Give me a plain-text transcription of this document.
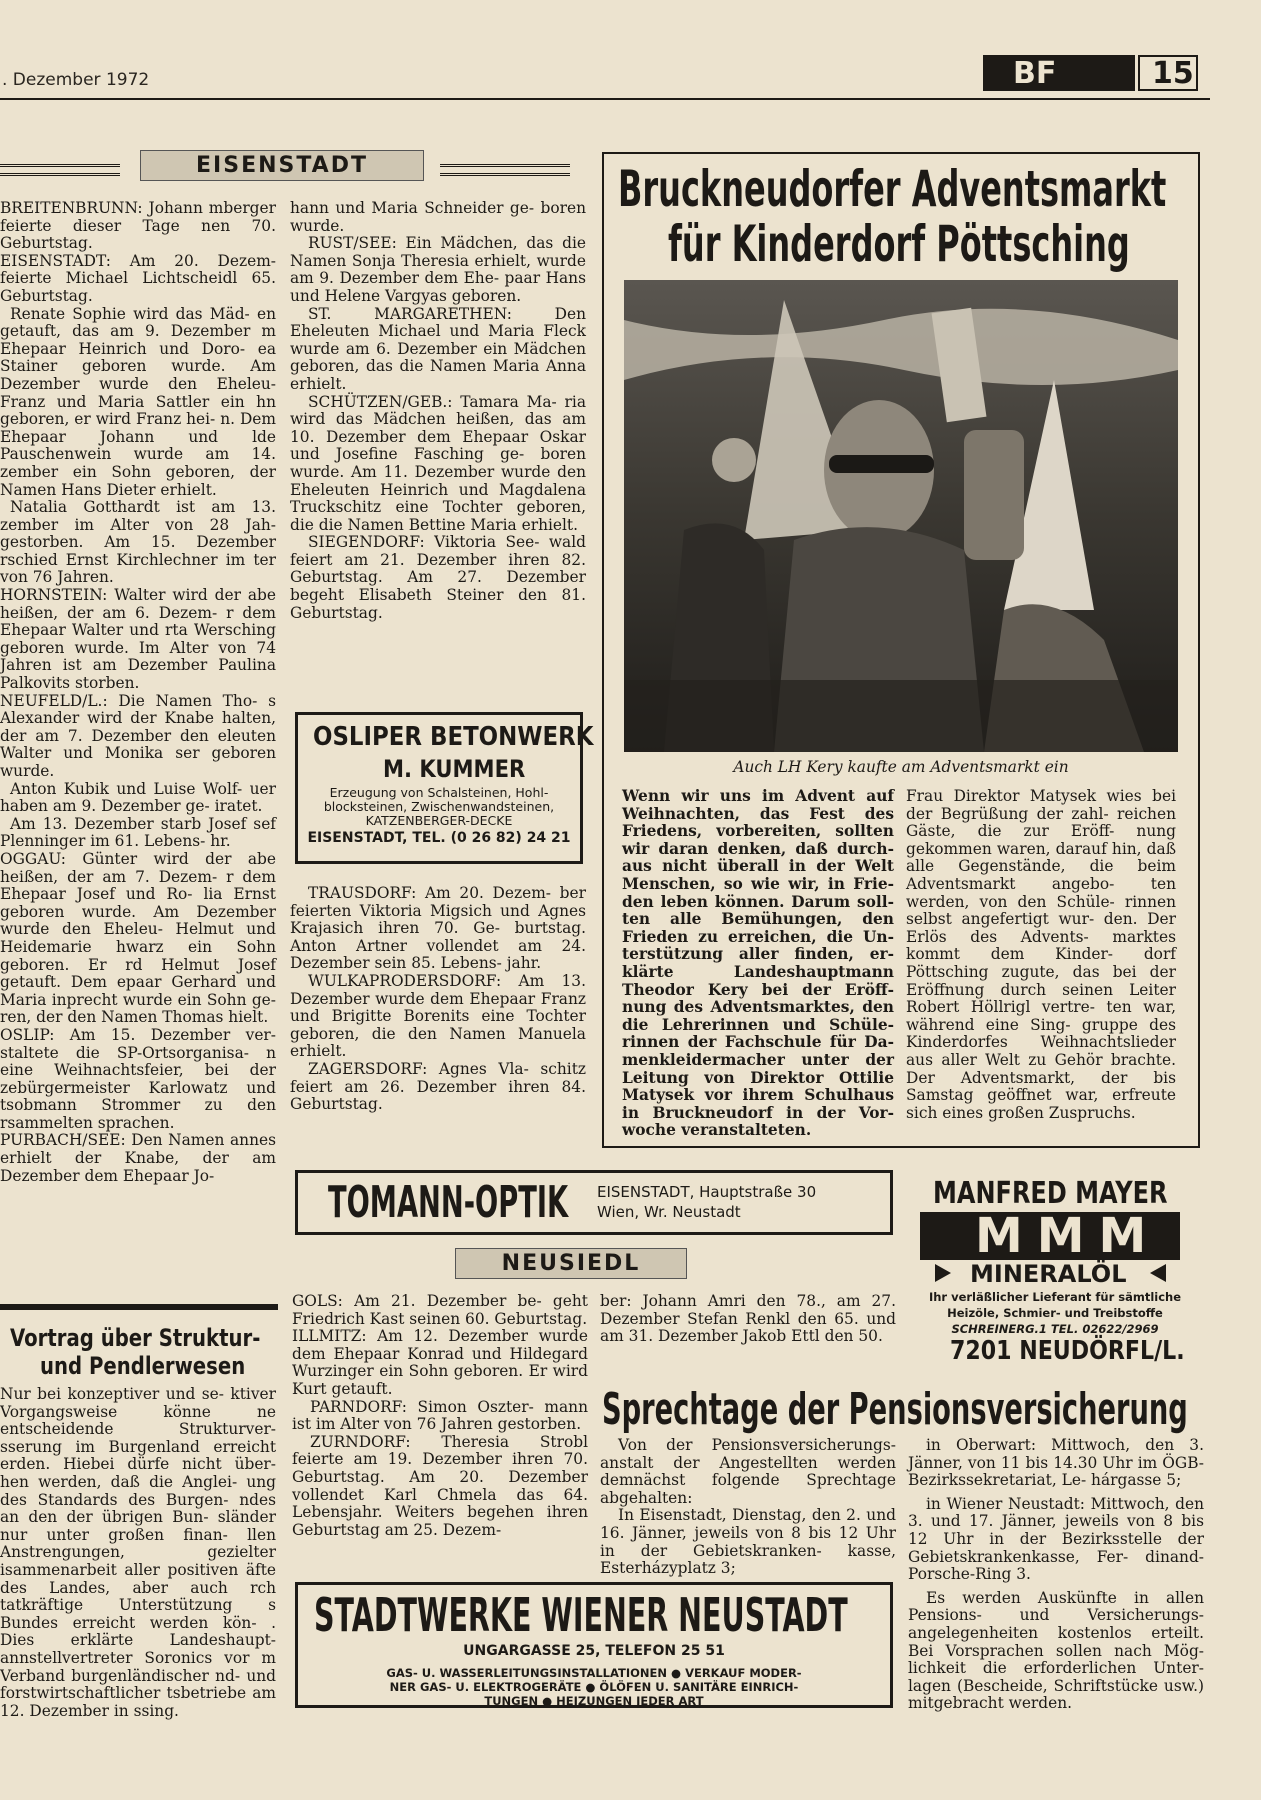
. Dezember 1972	BF	15
EISENSTADT

BREITENBRUNN: Johann mberger feierte dieser Tage nen 70. Geburtstag.

EISENSTADT: Am 20. Dezem- feierte Michael Lichtscheidl 65. Geburtstag.

Renate Sophie wird das Mäd- en getauft, das am 9. Dezember m Ehepaar Heinrich und Doro- ea Stainer geboren wurde. Am Dezember wurde den Eheleu- Franz und Maria Sattler ein hn geboren, er wird Franz hei- n. Dem Ehepaar Johann und lde Pauschenwein wurde am 14. zember ein Sohn geboren, der Namen Hans Dieter erhielt.

Natalia Gotthardt ist am 13. zember im Alter von 28 Jah- gestorben. Am 15. Dezember rschied Ernst Kirchlechner im ter von 76 Jahren.

HORNSTEIN: Walter wird der abe heißen, der am 6. Dezem- r dem Ehepaar Walter und rta Wersching geboren wurde. Im Alter von 74 Jahren ist am Dezember Paulina Palkovits storben.

NEUFELD/L.: Die Namen Tho- s Alexander wird der Knabe halten, der am 7. Dezember den eleuten Walter und Monika ser geboren wurde.

Anton Kubik und Luise Wolf- uer haben am 9. Dezember ge- iratet.

Am 13. Dezember starb Josef sef Plenninger im 61. Lebens- hr.

OGGAU: Günter wird der abe heißen, der am 7. Dezem- r dem Ehepaar Josef und Ro- lia Ernst geboren wurde. Am Dezember wurde den Eheleu- Helmut und Heidemarie hwarz ein Sohn geboren. Er rd Helmut Josef getauft. Dem epaar Gerhard und Maria inprecht wurde ein Sohn ge- ren, der den Namen Thomas hielt.

OSLIP: Am 15. Dezember ver- staltete die SP-Ortsorganisa- n eine Weihnachtsfeier, bei der zebürgermeister Karlowatz und tsobmann Strommer zu den rsammelten sprachen.

PURBACH/SEE: Den Namen annes erhielt der Knabe, der am Dezember dem Ehepaar Jo-

hann und Maria Schneider ge- boren wurde.

RUST/SEE: Ein Mädchen, das die Namen Sonja Theresia erhielt, wurde am 9. Dezember dem Ehe- paar Hans und Helene Vargyas geboren.

ST. MARGARETHEN: Den Eheleuten Michael und Maria Fleck wurde am 6. Dezember ein Mädchen geboren, das die Namen Maria Anna erhielt.

SCHÜTZEN/GEB.: Tamara Ma- ria wird das Mädchen heißen, das am 10. Dezember dem Ehepaar Oskar und Josefine Fasching ge- boren wurde. Am 11. Dezember wurde den Eheleuten Heinrich und Magdalena Truckschitz eine Tochter geboren, die die Namen Bettine Maria erhielt.

SIEGENDORF: Viktoria See- wald feiert am 21. Dezember ihren 82. Geburtstag. Am 27. Dezember begeht Elisabeth Steiner den 81. Geburtstag.

OSLIPER BETONWERK
M. KUMMER
Erzeugung von Schalsteinen, Hohl- blocksteinen, Zwischenwandsteinen, KATZENBERGER-DECKE
EISENSTADT, TEL. (0 26 82) 24 21

TRAUSDORF: Am 20. Dezem- ber feierten Viktoria Migsich und Agnes Krajasich ihren 70. Ge- burtstag. Anton Artner vollendet am 24. Dezember sein 85. Lebens- jahr.

WULKAPRODERSDORF: Am 13. Dezember wurde dem Ehepaar Franz und Brigitte Borenits eine Tochter geboren, die den Namen Manuela erhielt.

ZAGERSDORF: Agnes Vla- schitz feiert am 26. Dezember ihren 84. Geburtstag.

Bruckneudorfer Adventsmarkt
für Kinderdorf Pöttsching
Auch LH Kery kaufte am Adventsmarkt ein
Wenn wir uns im Advent auf Weihnachten, das Fest des Friedens, vorbereiten, sollten wir daran denken, daß durch- aus nicht überall in der Welt Menschen, so wie wir, in Frie- den leben können. Darum soll- ten alle Bemühungen, den Frieden zu erreichen, die Un- terstützung aller finden, er- klärte Landeshauptmann Theodor Kery bei der Eröff- nung des Adventsmarktes, den die Lehrerinnen und Schüle- rinnen der Fachschule für Da- menkleidermacher unter der Leitung von Direktor Ottilie Matysek vor ihrem Schulhaus in Bruckneudorf in der Vor- woche veranstalteten.
Frau Direktor Matysek wies bei der Begrüßung der zahl- reichen Gäste, die zur Eröff- nung gekommen waren, darauf hin, daß alle Gegenstände, die beim Adventsmarkt angebo- ten werden, von den Schüle- rinnen selbst angefertigt wur- den. Der Erlös des Advents- marktes kommt dem Kinder- dorf Pöttsching zugute, das bei der Eröffnung durch seinen Leiter Robert Höllrigl vertre- ten war, während eine Sing- gruppe des Kinderdorfes Weihnachtslieder aus aller Welt zu Gehör brachte. Der Adventsmarkt, der bis Samstag geöffnet war, erfreute sich eines großen Zuspruchs.
TOMANN-OPTIK EISENSTADT, Hauptstraße 30
Wien, Wr. Neustadt
MANFRED MAYER
MMM
MINERALÖL
Ihr verläßlicher Lieferant für sämtliche
Heizöle, Schmier- und Treibstoffe
SCHREINERG.1 TEL. 02622/2969
7201 NEUDÖRFL/L.
NEUSIEDL
Vortrag über Struktur-
und Pendlerwesen
Nur bei konzeptiver und se- ktiver Vorgangsweise könne ne entscheidende Strukturver- sserung im Burgenland erreicht erden. Hiebei dürfe nicht über- hen werden, daß die Anglei- ung des Standards des Burgen- ndes an den der übrigen Bun- sländer nur unter großen finan- llen Anstrengungen, gezielter isammenarbeit aller positiven äfte des Landes, aber auch rch tatkräftige Unterstützung s Bundes erreicht werden kön- . Dies erklärte Landeshaupt- annstellvertreter Soronics vor m Verband burgenländischer nd- und forstwirtschaftlicher tsbetriebe am 12. Dezember in ssing.

GOLS: Am 21. Dezember be- geht Friedrich Kast seinen 60. Geburtstag.

ILLMITZ: Am 12. Dezember wurde dem Ehepaar Konrad und Hildegard Wurzinger ein Sohn geboren. Er wird Kurt getauft.

PARNDORF: Simon Oszter- mann ist im Alter von 76 Jahren gestorben.

ZURNDORF: Theresia Strobl feierte am 19. Dezember ihren 70. Geburtstag. Am 20. Dezember vollendet Karl Chmela das 64. Lebensjahr. Weiters begehen ihren Geburtstag am 25. Dezem-

ber: Johann Amri den 78., am 27. Dezember Stefan Renkl den 65. und am 31. Dezember Jakob Ettl den 50.
Sprechtage der Pensionsversicherung

Von der Pensionsversicherungs- anstalt der Angestellten werden demnächst folgende Sprechtage abgehalten:

In Eisenstadt, Dienstag, den 2. und 16. Jänner, jeweils von 8 bis 12 Uhr in der Gebietskranken- kasse, Esterházyplatz 3;

in Oberwart: Mittwoch, den 3. Jänner, von 11 bis 14.30 Uhr im ÖGB-Bezirkssekretariat, Le- hárgasse 5;

in Wiener Neustadt: Mittwoch, den 3. und 17. Jänner, jeweils von 8 bis 12 Uhr in der Bezirksstelle der Gebietskrankenkasse, Fer- dinand-Porsche-Ring 3.

Es werden Auskünfte in allen Pensions- und Versicherungs- angelegenheiten kostenlos erteilt. Bei Vorsprachen sollen nach Mög- lichkeit die erforderlichen Unter- lagen (Bescheide, Schriftstücke usw.) mitgebracht werden.

STADTWERKE WIENER NEUSTADT
UNGARGASSE 25, TELEFON 25 51
GAS- U. WASSERLEITUNGSINSTALLATIONEN ● VERKAUF MODER-
NER GAS- U. ELEKTROGERÄTE ● ÖLÖFEN U. SANITÄRE EINRICH-
TUNGEN ● HEIZUNGEN JEDER ART
